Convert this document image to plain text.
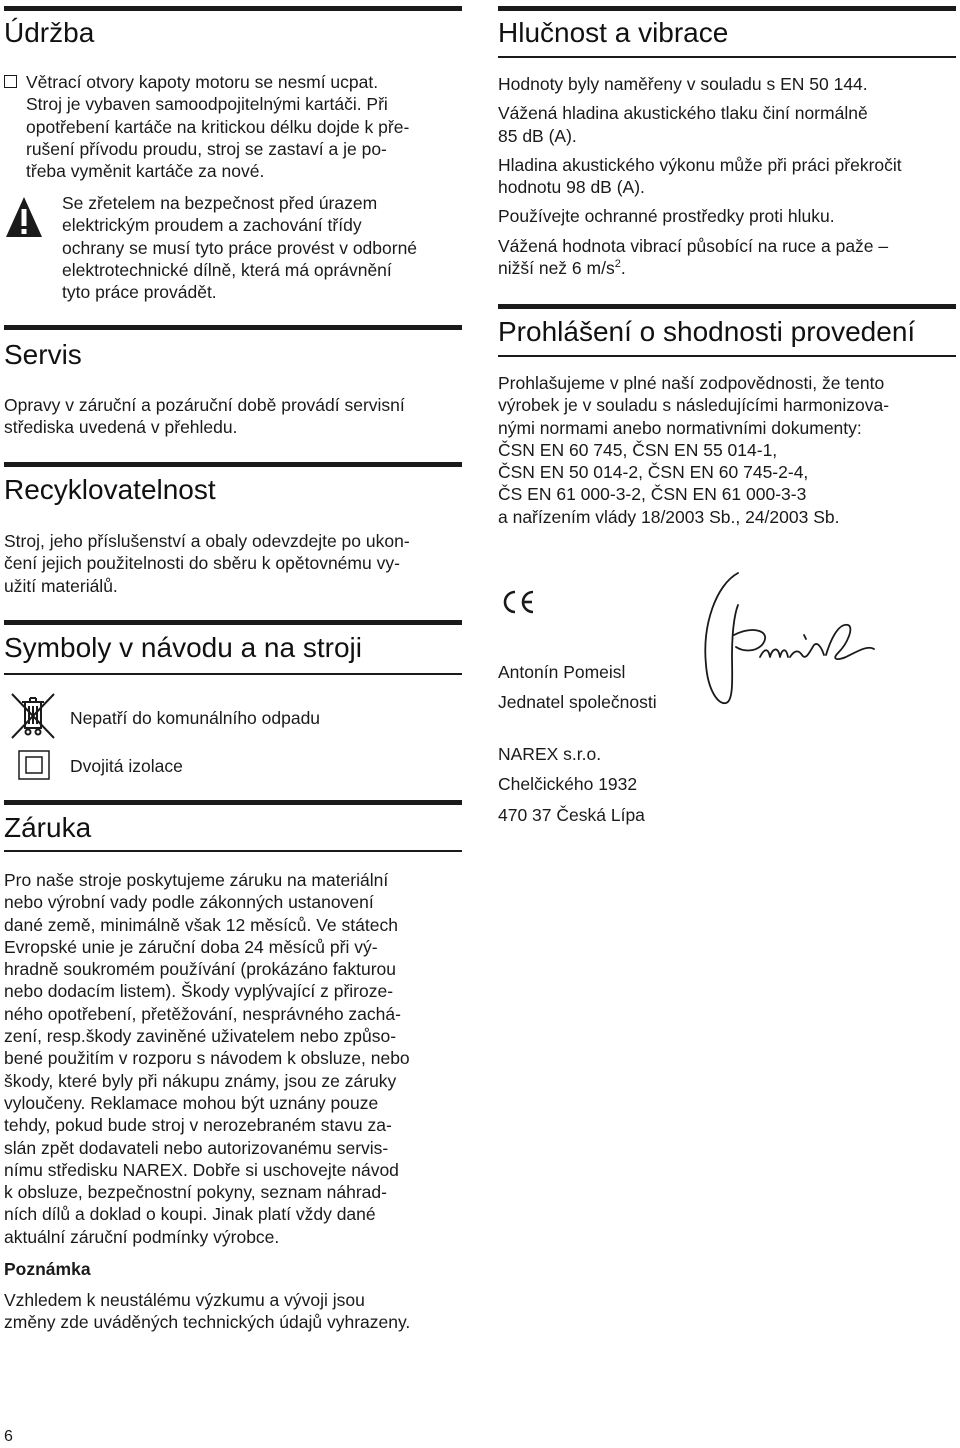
Údržba
Větrací otvory kapoty motoru se nesmí ucpat.
Stroj je vybaven samoodpojitelnými kartáči. Při
opotřebení kartáče na kritickou délku dojde k pře-
rušení přívodu proudu, stroj se zastaví a je po-
třeba vyměnit kartáče za nové.
Se zřetelem na bezpečnost před úrazem
elektrickým proudem a zachování třídy
ochrany se musí tyto práce provést v odborné
elektrotechnické dílně, která má oprávnění
tyto práce provádět.
Servis
Opravy v záruční a pozáruční době provádí servisní
střediska uvedená v přehledu.
Recyklovatelnost
Stroj, jeho příslušenství a obaly odevzdejte po ukon-
čení jejich použitelnosti do sběru k opětovnému vy-
užití materiálů.
Symboly v návodu a na stroji
Nepatří do komunálního odpadu
Dvojitá izolace
Záruka
Pro naše stroje poskytujeme záruku na materiální
nebo výrobní vady podle zákonných ustanovení
dané země, minimálně však 12 měsíců. Ve státech
Evropské unie je záruční doba 24 měsíců při vý-
hradně soukromém používání (prokázáno fakturou
nebo dodacím listem). Škody vyplývající z přiroze-
ného opotřebení, přetěžování, nesprávného zachá-
zení, resp.škody zaviněné uživatelem nebo způso-
bené použitím v rozporu s návodem k obsluze, nebo
škody, které byly při nákupu známy, jsou ze záruky
vyloučeny. Reklamace mohou být uznány pouze
tehdy, pokud bude stroj v nerozebraném stavu za-
slán zpět dodavateli nebo autorizovanému servis-
nímu středisku NAREX. Dobře si uschovejte návod
k obsluze, bezpečnostní pokyny, seznam náhrad-
ních dílů a doklad o koupi. Jinak platí vždy dané
aktuální záruční podmínky výrobce.
Poznámka
Vzhledem k neustálému výzkumu a vývoji jsou
změny zde uváděných technických údajů vyhrazeny.
Hlučnost a vibrace
Hodnoty byly naměřeny v souladu s EN 50 144.
Vážená hladina akustického tlaku činí normálně
85 dB (A).
Hladina akustického výkonu může při práci překročit
hodnotu 98 dB (A).
Používejte ochranné prostředky proti hluku.
Vážená hodnota vibrací působící na ruce a paže –
nižší než 6 $m/s^2$.
Prohlášení o shodnosti provedení
Prohlašujeme v plné naší zodpovědnosti, že tento
výrobek je v souladu s následujícími harmonizova-
nými normami anebo normativními dokumenty:
ČSN EN 60 745, ČSN EN 55 014-1,
ČSN EN 50 014-2, ČSN EN 60 745-2-4,
ČS EN 61 000-3-2, ČSN EN 61 000-3-3
a nařízením vlády 18/2003 Sb., 24/2003 Sb.
Antonín Pomeisl
Jednatel společnosti
NAREX s.r.o.
Chelčického 1932
470 37 Česká Lípa
6
